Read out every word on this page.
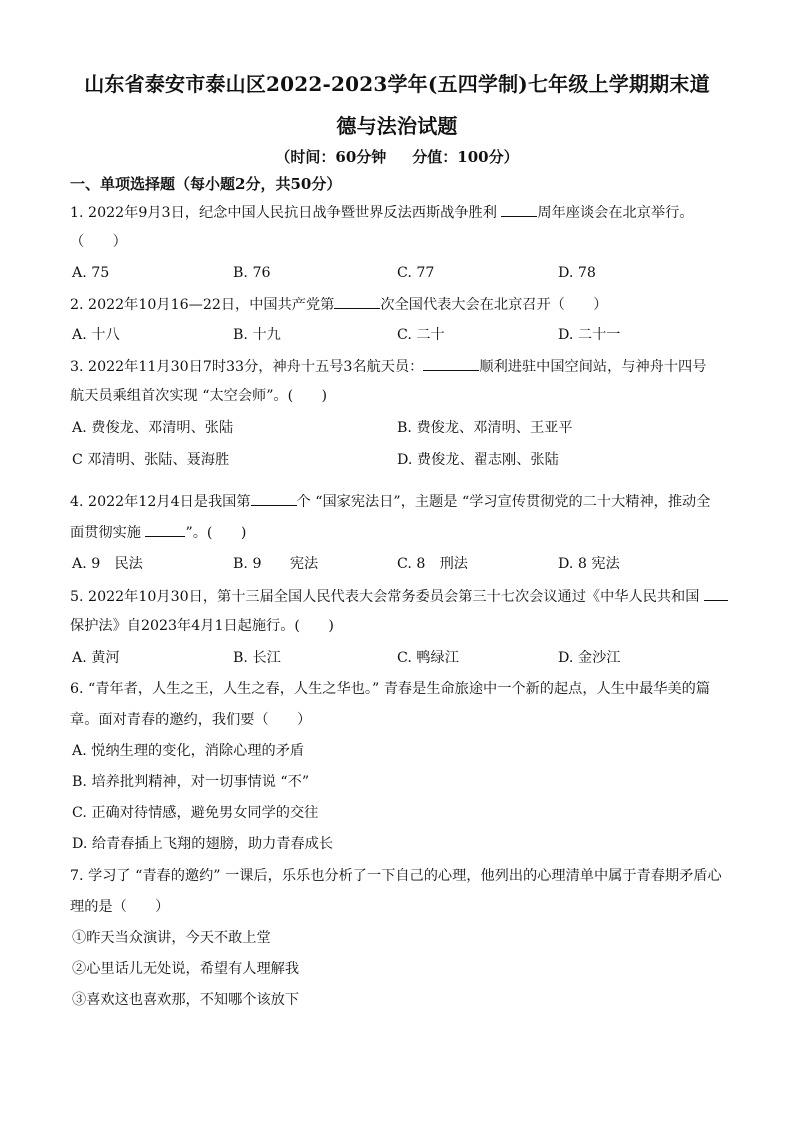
山东省泰安市泰山区2022-2023学年(五四学制)七年级上学期期末道
德与法治试题
（时间：60分钟 分值：100分）
一、单项选择题（每小题2分，共50分）
1. 2022年9月3日，纪念中国人民抗日战争暨世界反法西斯战争胜利	周年座谈会在北京举行。
（　　）
A. 75	B. 76	C. 77	D. 78
2. 2022年10月16—22日，中国共产党第	次全国代表大会在北京召开（　　）
A. 十八	B. 十九	C. 二十	D. 二十一
3. 2022年11月30日7时33分，神舟十五号3名航天员：	顺利进驻中国空间站，与神舟十四号
航天员乘组首次实现 “太空会师”。(　　)
A. 费俊龙、邓清明、张陆	B. 费俊龙、邓清明、王亚平
C 邓清明、张陆、聂海胜	D. 费俊龙、翟志刚、张陆
4. 2022年12月4日是我国第	个 “国家宪法日”，主题是 “学习宣传贯彻党的二十大精神，推动全
面贯彻实施	”。(　　)
A. 9　民法	B. 9　　宪法	C. 8　刑法	D. 8 宪法
5. 2022年10月30日，第十三届全国人民代表大会常务委员会第三十七次会议通过《中华人民共和国
保护法》自2023年4月1日起施行。(　　)
A. 黄河	B. 长江	C. 鸭绿江	D. 金沙江
6. “青年者，人生之王，人生之春，人生之华也。” 青春是生命旅途中一个新的起点，人生中最华美的篇
章。面对青春的邀约，我们要（　　）
A. 悦纳生理的变化，消除心理的矛盾
B. 培养批判精神，对一切事情说 “不”
C. 正确对待情感，避免男女同学的交往
D. 给青春插上飞翔的翅膀，助力青春成长
7. 学习了 “青春的邀约” 一课后，乐乐也分析了一下自己的心理，他列出的心理清单中属于青春期矛盾心
理的是（　　）
①昨天当众演讲，今天不敢上堂
②心里话儿无处说，希望有人理解我
③喜欢这也喜欢那，不知哪个该放下
